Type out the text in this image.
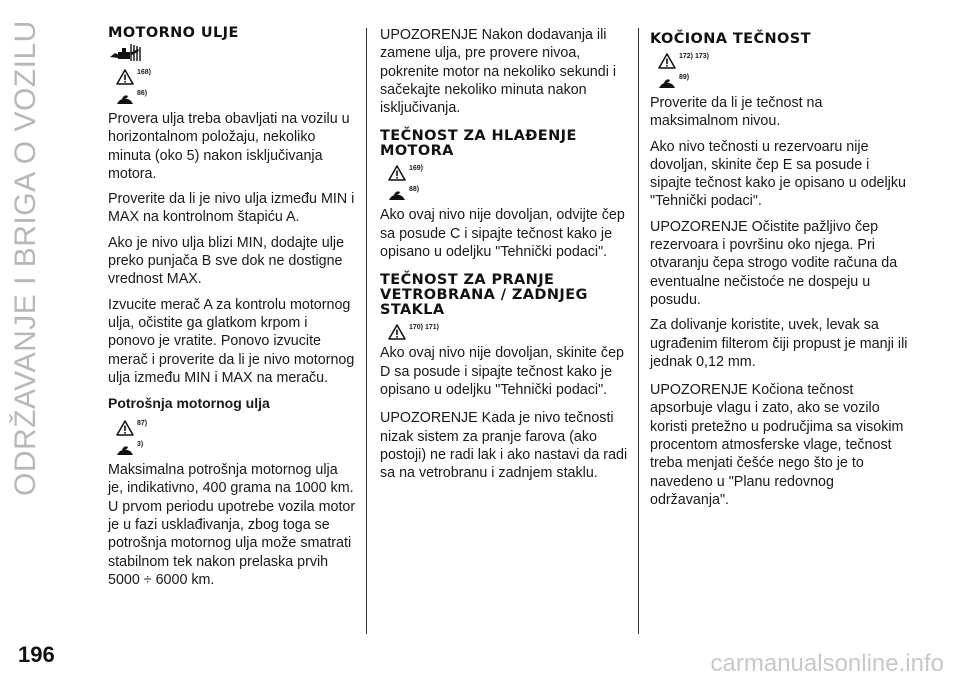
ODRŽAVANJE I BRIGA O VOZILU	MOTORNO ULJE
168)
86)

Provera ulja treba obavljati na vozilu u horizontalnom položaju, nekoliko minuta (oko 5) nakon isključivanja motora.

Proverite da li je nivo ulja između MIN i MAX na kontrolnom štapiću A.

Ako je nivo ulja blizi MIN, dodajte ulje preko punjača B sve dok ne dostigne vrednost MAX.

Izvucite merač A za kontrolu motornog ulja, očistite ga glatkom krpom i ponovo je vratite. Ponovo izvucite merač i proverite da li je nivo motornog ulja između MIN i MAX na meraču.

Potrošnja motornog ulja
87)
3)

Maksimalna potrošnja motornog ulja je, indikativno, 400 grama na 1000 km. U prvom periodu upotrebe vozila motor je u fazi usklađivanja, zbog toga se potrošnja motornog ulja može smatrati stabilnom tek nakon prelaska prvih 5000 ÷ 6000 km.

UPOZORENJE Nakon dodavanja ili zamene ulja, pre provere nivoa, pokrenite motor na nekoliko sekundi i sačekajte nekoliko minuta nakon isključivanja.

TEČNOST ZA HLAĐENJE MOTORA
169)
88)

Ako ovaj nivo nije dovoljan, odvijte čep sa posude C i sipajte tečnost kako je opisano u odeljku "Tehnički podaci".

TEČNOST ZA PRANJE VETROBRANA / ZADNJEG STAKLA
170) 171)

Ako ovaj nivo nije dovoljan, skinite čep D sa posude i sipajte tečnost kako je opisano u odeljku "Tehnički podaci".

UPOZORENJE Kada je nivo tečnosti nizak sistem za pranje farova (ako postoji) ne radi lak i ako nastavi da radi sa na vetrobranu i zadnjem staklu.

KOČIONA TEČNOST
172) 173)
89)

Proverite da li je tečnost na maksimalnom nivou.

Ako nivo tečnosti u rezervoaru nije dovoljan, skinite čep E sa posude i sipajte tečnost kako je opisano u odeljku "Tehnički podaci".

UPOZORENJE Očistite pažljivo čep rezervoara i površinu oko njega. Pri otvaranju čepa strogo vodite računa da eventualne nečistoće ne dospeju u posudu.

Za dolivanje koristite, uvek, levak sa ugrađenim filterom čiji propust je manji ili jednak 0,12 mm.

UPOZORENJE Kočiona tečnost apsorbuje vlagu i zato, ako se vozilo koristi pretežno u područjima sa visokim procentom atmosferske vlage, tečnost treba menjati češće nego što je to navedeno u "Planu redovnog održavanja".

196	carmanualsonline.info
